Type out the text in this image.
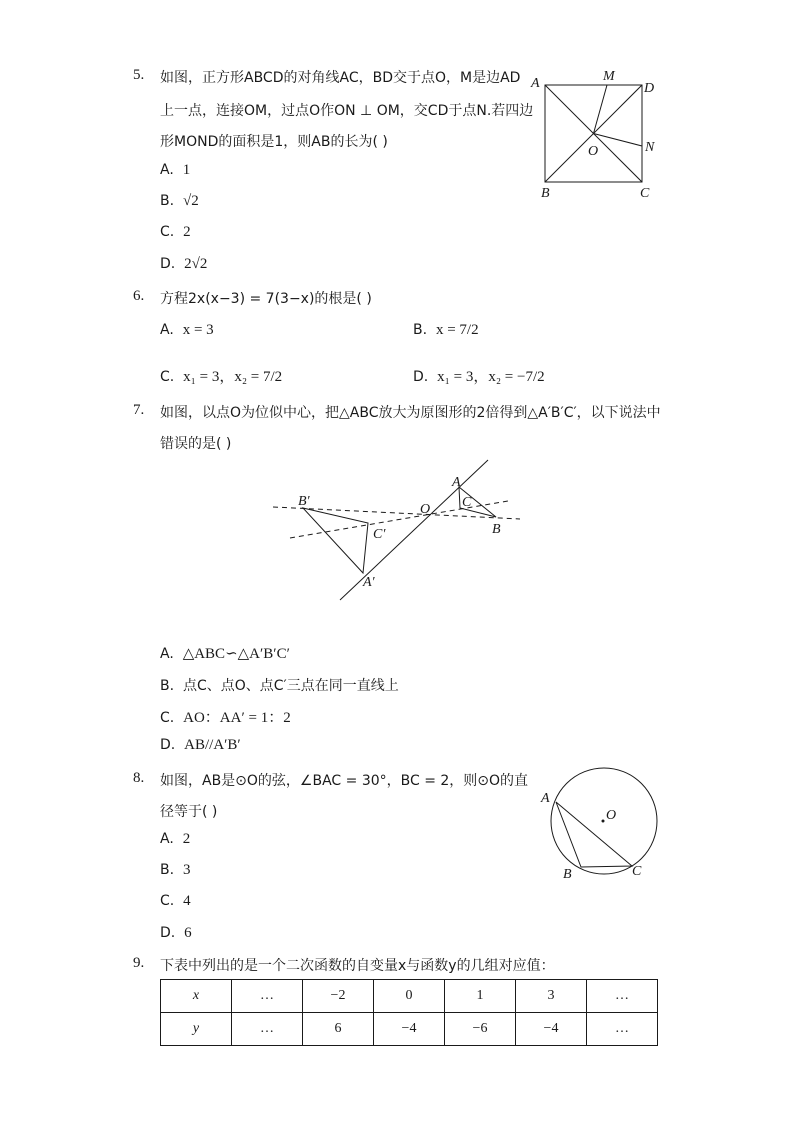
5. 如图，正方形ABCD的对角线AC，BD交于点O，M是边AD
上一点，连接OM，过点O作ON ⊥ OM，交CD于点N.若四边
形MOND的面积是1，则AB的长为( )
A. 1
B. √2
C. 2
D. 2√2
A	M
D
N
O
B	C
6. 方程2x(x−3) = 7(3−x)的根是( )
A. x = 3	B. x = 7/2
C. x₁ = 3，x₂ = 7/2	D. x₁ = 3，x₂ = −7/2
7. 如图，以点O为位似中心，把△ABC放大为原图形的2倍得到△A′B′C′，以下说法中
错误的是( )
A
C
B
O
B′
C′
A′
A. △ABC∽△A′B′C′
B. 点C、点O、点C′三点在同一直线上
C. AO：AA′ = 1：2
D. AB//A′B′
8. 如图，AB是⊙O的弦，∠BAC = 30°，BC = 2，则⊙O的直
径等于( )
A. 2
B. 3
C. 4
D. 6
A
O
B	C
9. 下表中列出的是一个二次函数的自变量x与函数y的几组对应值：
x	…	−2	0	1	3	…
y	…	6	−4	−6	−4	…
